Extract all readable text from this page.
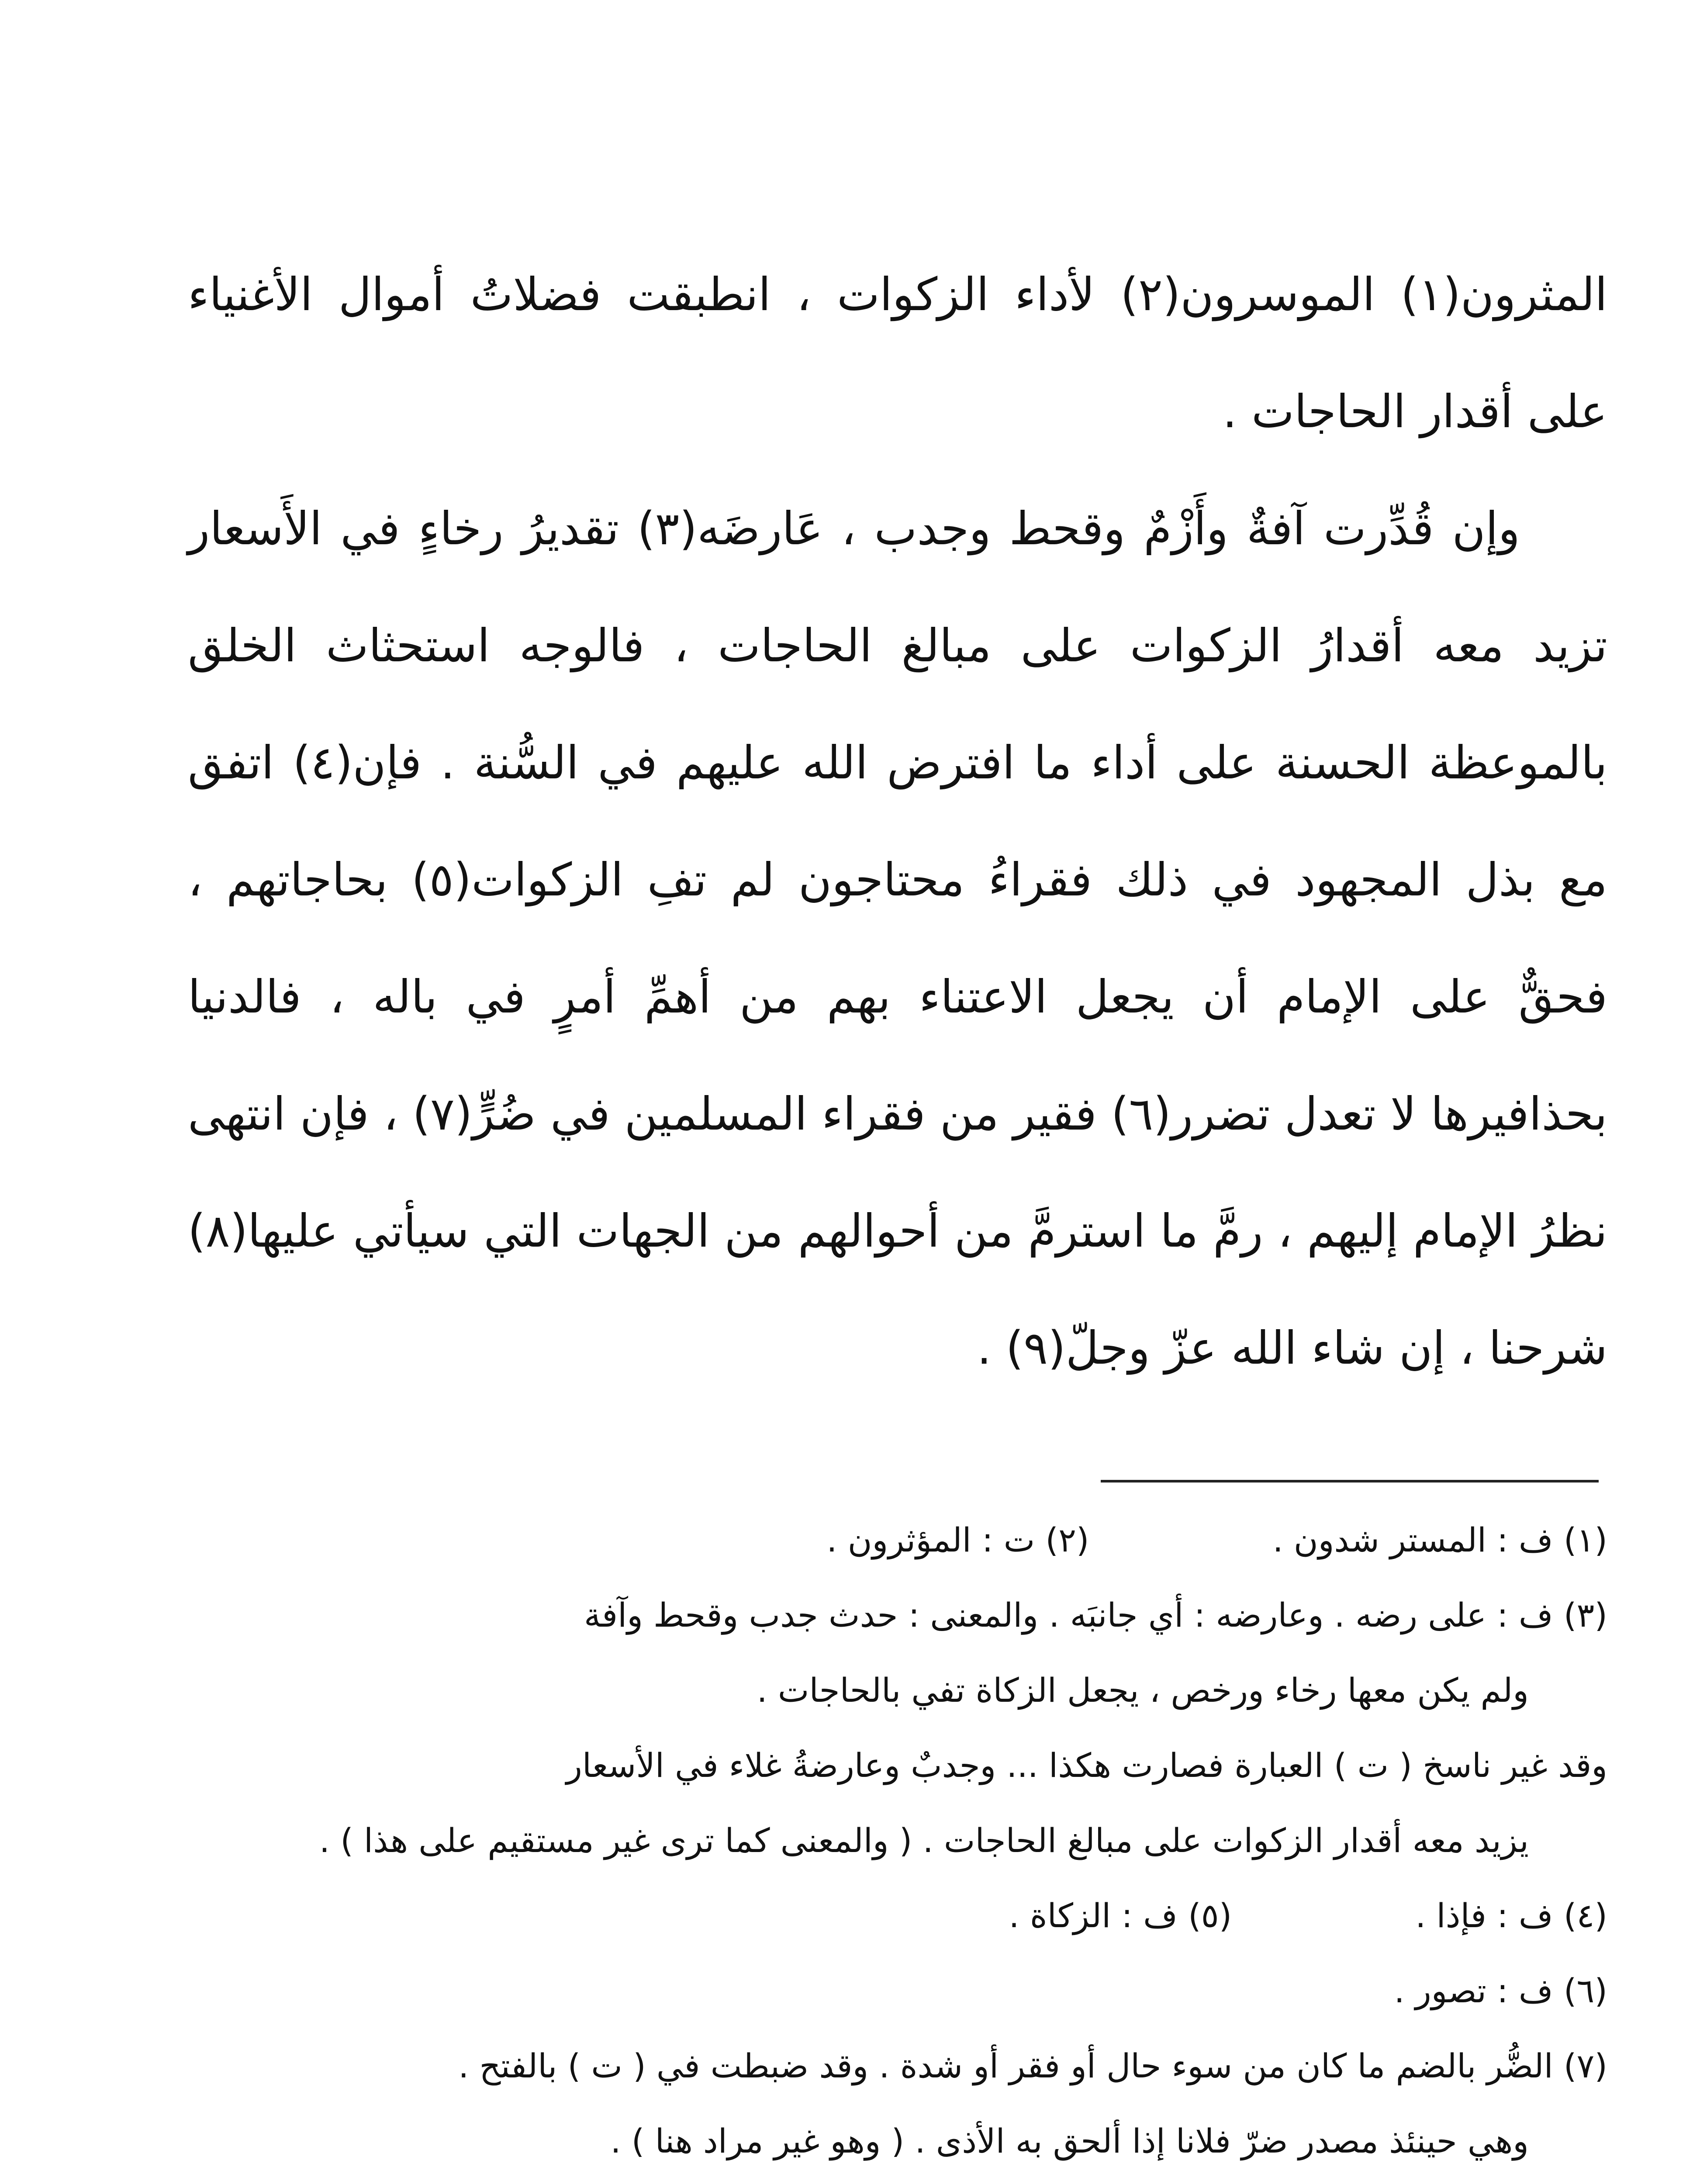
المثرون(١) الموسرون(٢) لأداء الزكوات ، انطبقت فضلاتُ أموال الأغنياء على أقدار الحاجات .

وإن قُدِّرت آفةٌ وأَزْمٌ وقحط وجدب ، عَارضَه(٣) تقديرُ رخاءٍ في الأَسعار تزيد معه أقدارُ الزكوات على مبالغ الحاجات ، فالوجه استحثاث الخلق بالموعظة الحسنة على أداء ما افترض الله عليهم في السُّنة . فإن(٤) اتفق مع بذل المجهود في ذلك فقراءُ محتاجون لم تفِ الزكوات(٥) بحاجاتهم ، فحقٌّ على الإمام أن يجعل الاعتناء بهم من أهمِّ أمرٍ في باله ، فالدنيا بحذافيرها لا تعدل تضرر(٦) فقير من فقراء المسلمين في ضُرٍّ(٧) ، فإن انتهى نظرُ الإمام إليهم ، رمَّ ما استرمَّ من أحوالهم من الجهات التي سيأتي عليها(٨) شرحنا ، إن شاء الله عزّ وجلّ(٩) .

(١) ف : المستر شدون .(٢) ت : المؤثرون .
(٣) ف : على رضه . وعارضه : أي جانبَه . والمعنى : حدث جدب وقحط وآفة
ولم يكن معها رخاء ورخص ، يجعل الزكاة تفي بالحاجات .
وقد غير ناسخ ( ت ) العبارة فصارت هكذا ... وجدبٌ وعارضةُ غلاء في الأسعار
يزيد معه أقدار الزكوات على مبالغ الحاجات . ( والمعنى كما ترى غير مستقيم على هذا ) .
(٤) ف : فإذا .(٥) ف : الزكاة .
(٦) ف : تصور .
(٧) الضُّر بالضم ما كان من سوء حال أو فقر أو شدة . وقد ضبطت في ( ت ) بالفتح .
وهي حينئذ مصدر ضرّ فلانا إذا ألحق به الأذى . ( وهو غير مراد هنا ) .
